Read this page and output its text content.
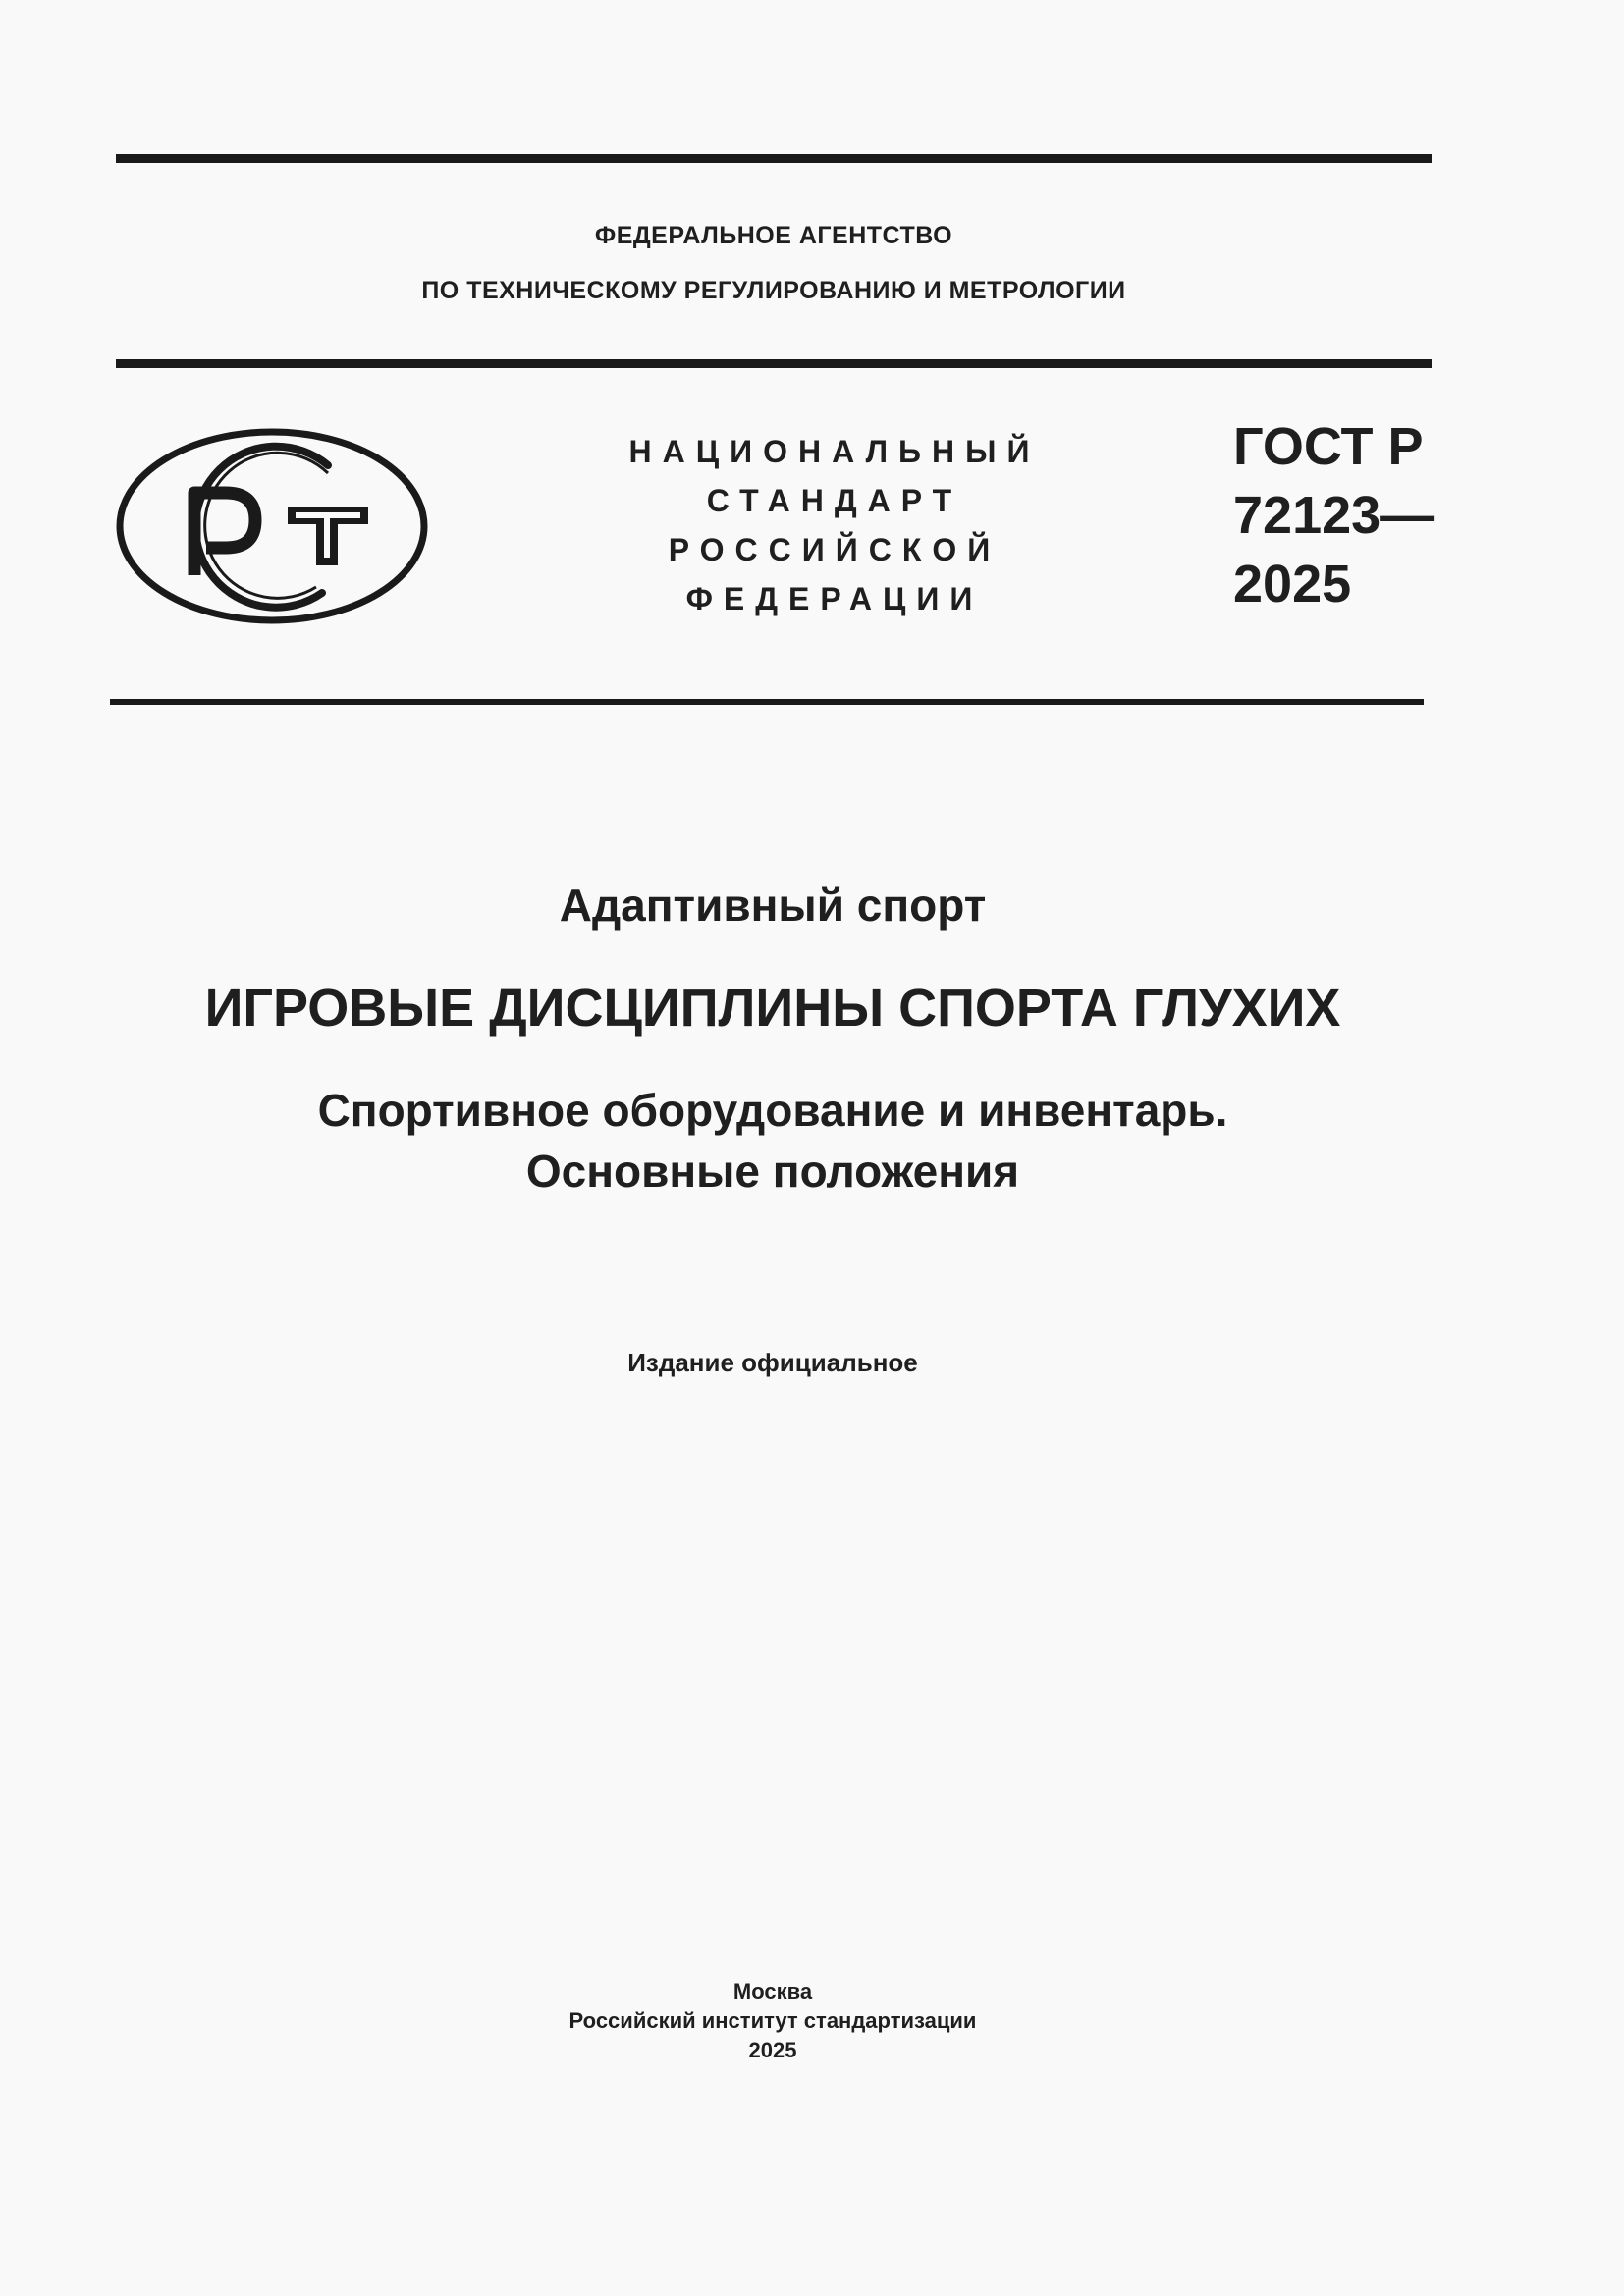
ФЕДЕРАЛЬНОЕ АГЕНТСТВО
ПО ТЕХНИЧЕСКОМУ РЕГУЛИРОВАНИЮ И МЕТРОЛОГИИ
НАЦИОНАЛЬНЫЙ
СТАНДАРТ
РОССИЙСКОЙ
ФЕДЕРАЦИИ
ГОСТ Р
72123—
2025
Адаптивный спорт
ИГРОВЫЕ ДИСЦИПЛИНЫ СПОРТА ГЛУХИХ
Спортивное оборудование и инвентарь.
Основные положения
Издание официальное
Москва
Российский институт стандартизации
2025
